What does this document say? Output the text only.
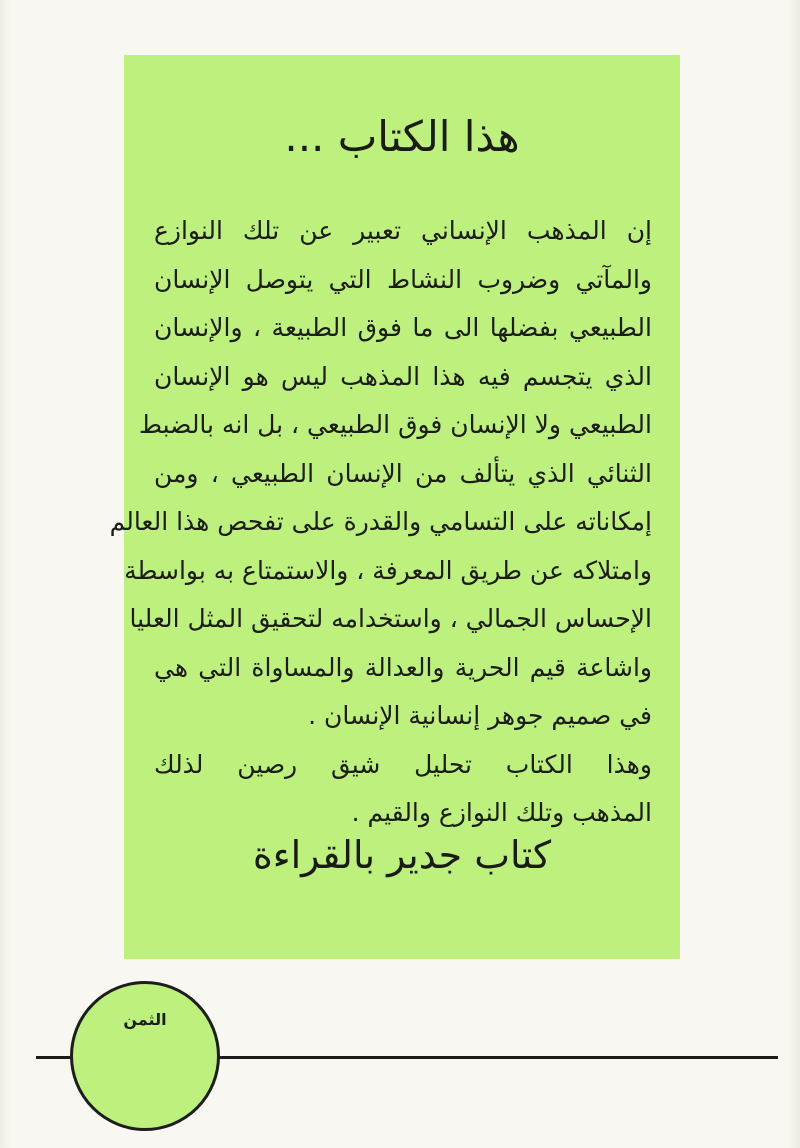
هذا الكتاب ...
إن المذهب الإنساني تعبير عن تلك النوازع
والمآتي وضروب النشاط التي يتوصل الإنسان
الطبيعي بفضلها الى ما فوق الطبيعة ، والإنسان
الذي يتجسم فيه هذا المذهب ليس هو الإنسان
الطبيعي ولا الإنسان فوق الطبيعي ، بل انه بالضبط
الثنائي الذي يتألف من الإنسان الطبيعي ، ومن
إمكاناته على التسامي والقدرة على تفحص هذا العالم
وامتلاكه عن طريق المعرفة ، والاستمتاع به بواسطة
الإحساس الجمالي ، واستخدامه لتحقيق المثل العليا
واشاعة قيم الحرية والعدالة والمساواة التي هي
في صميم جوهر إنسانية الإنسان .
وهذا الكتاب تحليل شيق رصين لذلك
المذهب وتلك النوازع والقيم .
كتاب جدير بالقراءة
الثمن
